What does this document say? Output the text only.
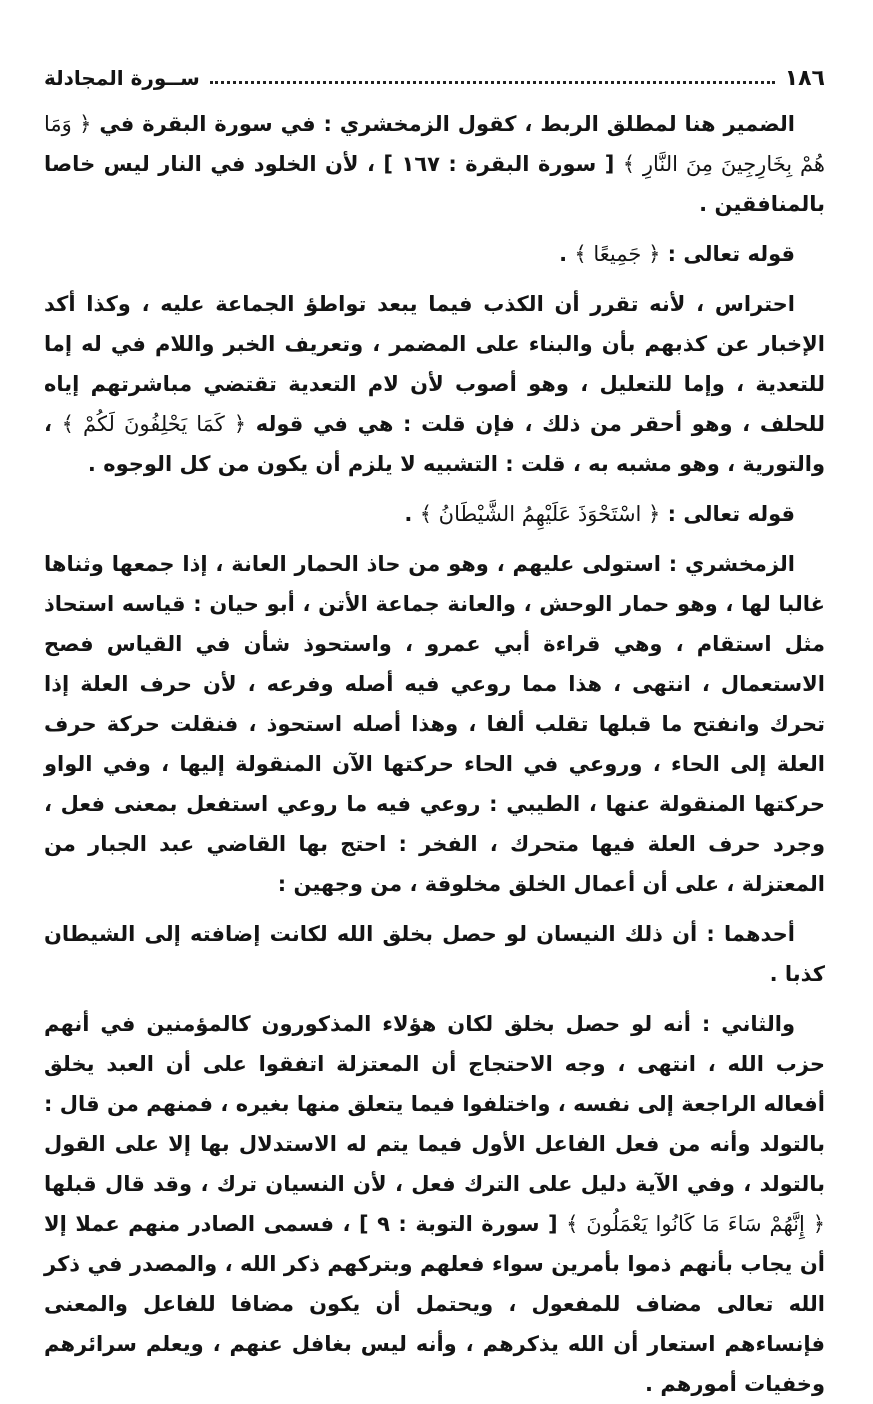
١٨٦
ســورة المجادلة

الضمير هنا لمطلق الربط ، كقول الزمخشري : في سورة البقرة في ﴿ وَمَا هُمْ بِخَارِجِينَ مِنَ النَّارِ ﴾ [ سورة البقرة : ١٦٧ ] ، لأن الخلود في النار ليس خاصا بالمنافقين .

قوله تعالى : ﴿ جَمِيعًا ﴾ .

احتراس ، لأنه تقرر أن الكذب فيما يبعد تواطؤ الجماعة عليه ، وكذا أكد الإخبار عن كذبهم بأن والبناء على المضمر ، وتعريف الخبر واللام في له إما للتعدية ، وإما للتعليل ، وهو أصوب لأن لام التعدية تقتضي مباشرتهم إياه للحلف ، وهو أحقر من ذلك ، فإن قلت : هي في قوله ﴿ كَمَا يَحْلِفُونَ لَكُمْ ﴾ ، والتورية ، وهو مشبه به ، قلت : التشبيه لا يلزم أن يكون من كل الوجوه .

قوله تعالى : ﴿ اسْتَحْوَذَ عَلَيْهِمُ الشَّيْطَانُ ﴾ .

الزمخشري : استولى عليهم ، وهو من حاذ الحمار العانة ، إذا جمعها وثناها غالبا لها ، وهو حمار الوحش ، والعانة جماعة الأتن ، أبو حيان : قياسه استحاذ مثل استقام ، وهي قراءة أبي عمرو ، واستحوذ شأن في القياس فصح الاستعمال ، انتهى ، هذا مما روعي فيه أصله وفرعه ، لأن حرف العلة إذا تحرك وانفتح ما قبلها تقلب ألفا ، وهذا أصله استحوذ ، فنقلت حركة حرف العلة إلى الحاء ، وروعي في الحاء حركتها الآن المنقولة إليها ، وفي الواو حركتها المنقولة عنها ، الطيبي : روعي فيه ما روعي استفعل بمعنى فعل ، وجرد حرف العلة فيها متحرك ، الفخر : احتج بها القاضي عبد الجبار من المعتزلة ، على أن أعمال الخلق مخلوقة ، من وجهين :

أحدهما : أن ذلك النيسان لو حصل بخلق الله لكانت إضافته إلى الشيطان كذبا .

والثاني : أنه لو حصل بخلق لكان هؤلاء المذكورون كالمؤمنين في أنهم حزب الله ، انتهى ، وجه الاحتجاج أن المعتزلة اتفقوا على أن العبد يخلق أفعاله الراجعة إلى نفسه ، واختلفوا فيما يتعلق منها بغيره ، فمنهم من قال : بالتولد وأنه من فعل الفاعل الأول فيما يتم له الاستدلال بها إلا على القول بالتولد ، وفي الآية دليل على الترك فعل ، لأن النسيان ترك ، وقد قال قبلها ﴿ إِنَّهُمْ سَاءَ مَا كَانُوا يَعْمَلُونَ ﴾ [ سورة التوبة : ٩ ] ، فسمى الصادر منهم عملا إلا أن يجاب بأنهم ذموا بأمرين سواء فعلهم وبتركهم ذكر الله ، والمصدر في ذكر الله تعالى مضاف للمفعول ، ويحتمل أن يكون مضافا للفاعل والمعنى فإنساءهم استعار أن الله يذكرهم ، وأنه ليس بغافل عنهم ، ويعلم سرائرهم وخفيات أمورهم .
